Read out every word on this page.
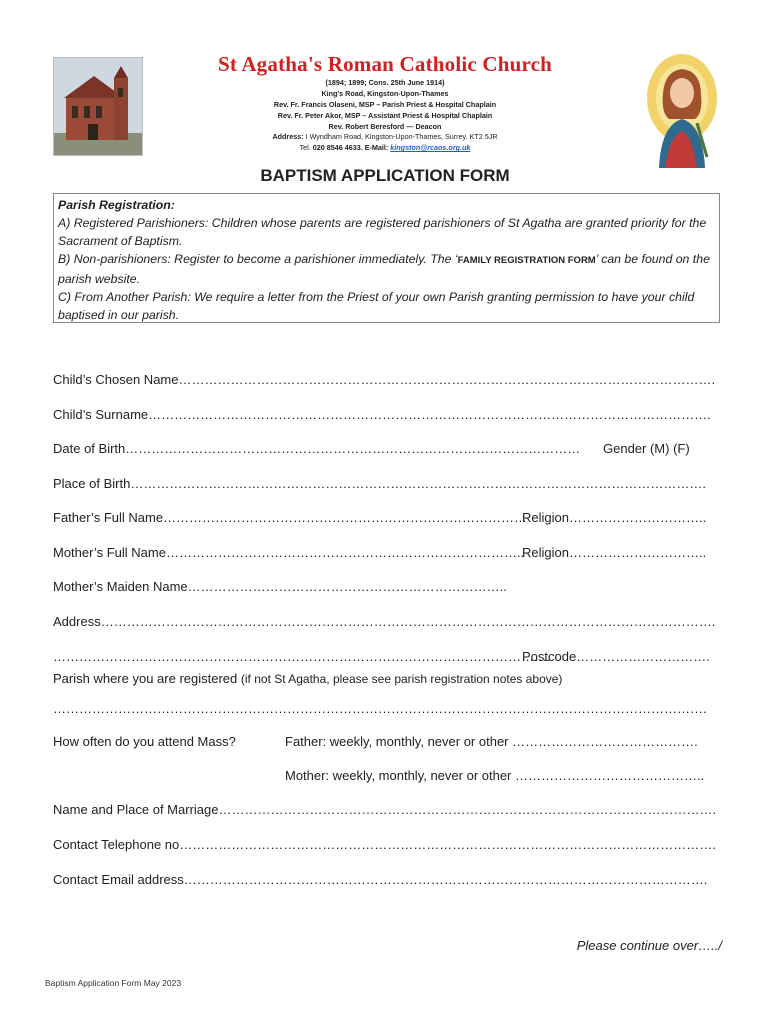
St Agatha's Roman Catholic Church
(1894; 1899; Cons. 25th June 1914)
King's Road, Kingston-Upon-Thames
Rev. Fr. Francis Olaseni, MSP – Parish Priest & Hospital Chaplain
Rev. Fr. Peter Akor, MSP – Assistant Priest & Hospital Chaplain
Rev. Robert Beresford — Deacon
Address: I Wyndham Road, Kingston-Upon-Thames, Surrey. KT2 5JR
Tel. 020 8546 4633. E-Mail: kingston@rcaos.org.uk
BAPTISM APPLICATION FORM
Parish Registration:
A) Registered Parishioners: Children whose parents are registered parishioners of St Agatha are granted priority for the Sacrament of Baptism.
B) Non-parishioners: Register to become a parishioner immediately. The ‘FAMILY REGISTRATION FORM’ can be found on the parish website.
C) From Another Parish: We require a letter from the Priest of your own Parish granting permission to have your child baptised in our parish.
Child’s Chosen Name…………………………………………………………………………………………………………….
Child’s Surname………………………………………………………………………………………………………………….
Date of Birth…………………………………………………………………………………………… Gender (M) (F)
Place of Birth…………………………………………………………………………………………………………………….
Father’s Full Name…………………………………………………………………………
Religion…………………………..
Mother’s Full Name………………………………………………………………………..
Religion…………………………..
Mother’s Maiden Name………………………………………………………………..
Address…………………………………………………………………………………………………………………………….
…………………………………………………………………………………………………….
Postcode………………………….
Parish where you are registered (if not St Agatha, please see parish registration notes above)
…………………………………………………………………………………………………………………………………….
How often do you attend Mass?	Father: weekly, monthly, never or other …………………………………….
Mother: weekly, monthly, never or other ……………………………………..
Name and Place of Marriage…………………………………………………………………………………………………….
Contact Telephone no…………………………………………………………………………………………………………….
Contact Email address………………………………………………………………………………………………………….
Please continue over…../
Baptism Application Form May 2023
